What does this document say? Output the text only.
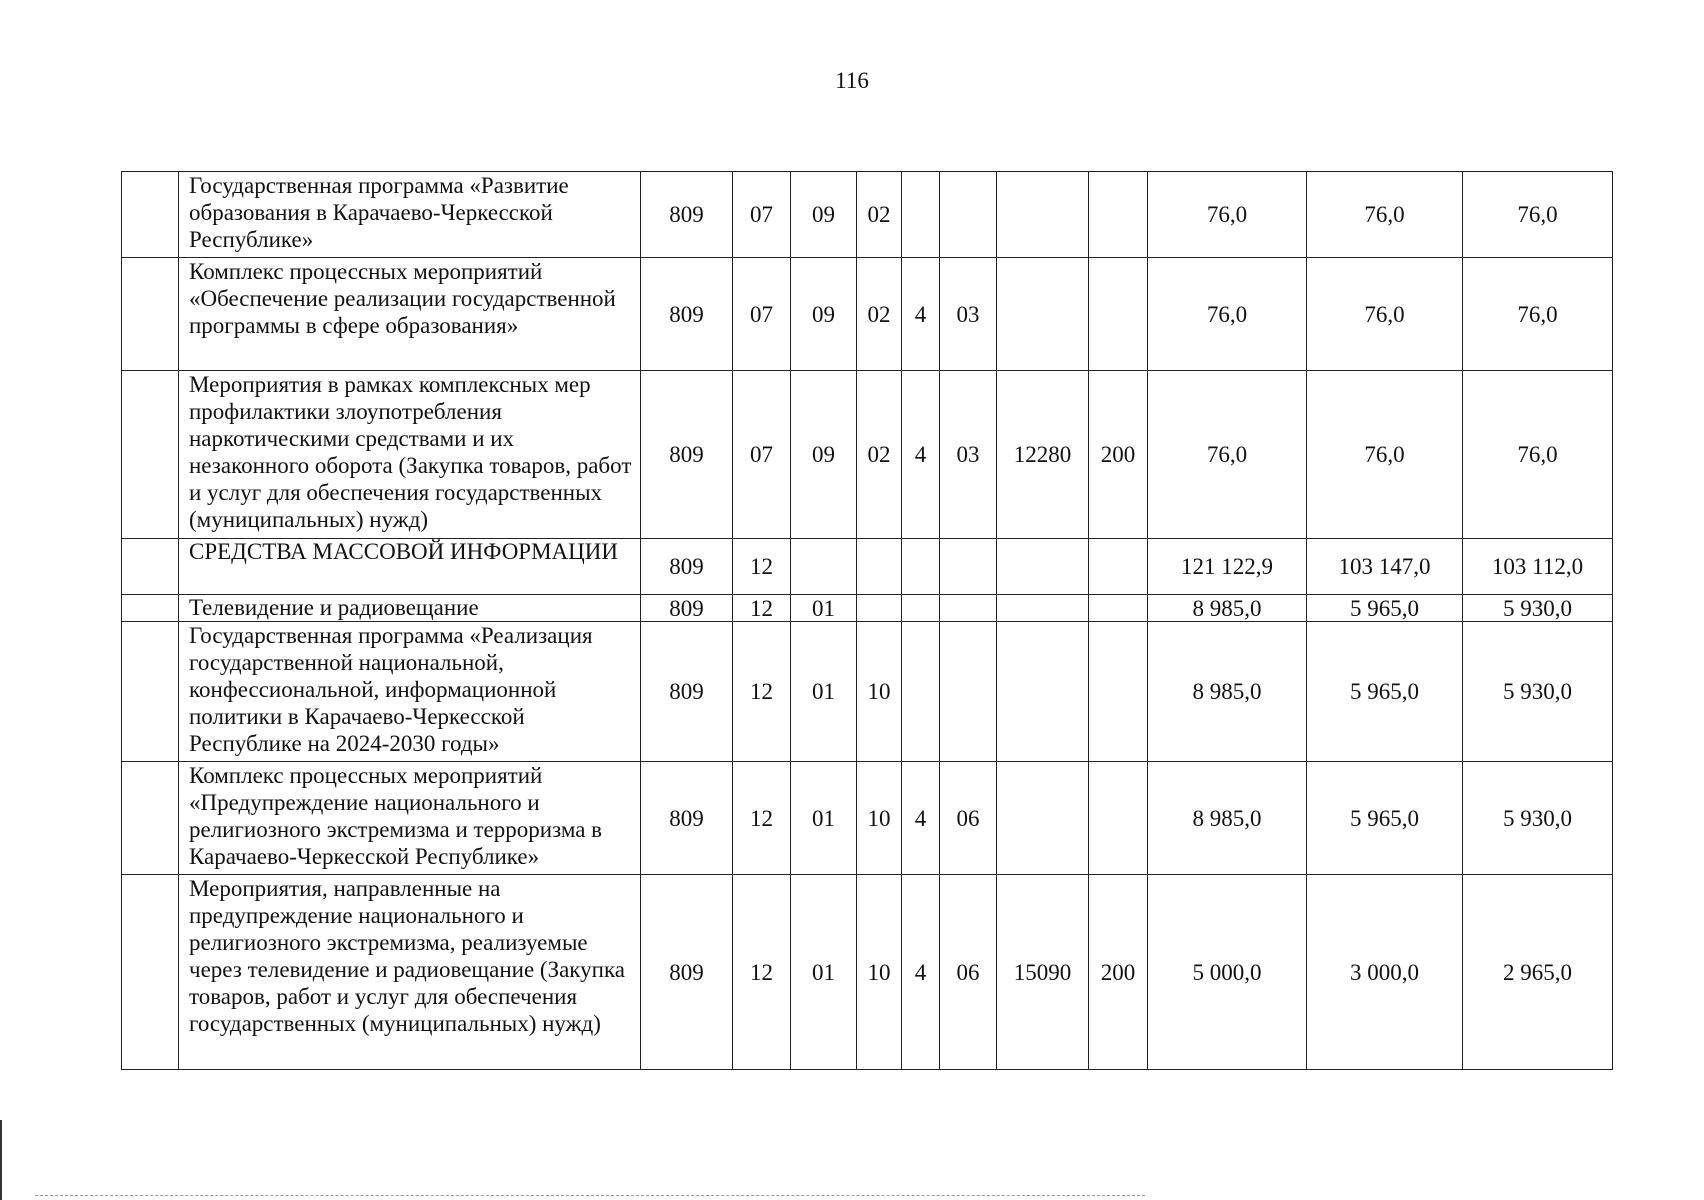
116
	Государственная программа «Развитие образования в Карачаево-Черкесской Республике»	809	07	09	02					76,0	76,0	76,0
	Комплекс процессных мероприятий «Обеспечение реализации государственной программы в сфере образования»	809	07	09	02	4	03			76,0	76,0	76,0
	Мероприятия в рамках комплексных мер профилактики злоупотребления наркотическими средствами и их незаконного оборота (Закупка товаров, работ и услуг для обеспечения государственных (муниципальных) нужд)	809	07	09	02	4	03	12280	200	76,0	76,0	76,0
	СРЕДСТВА МАССОВОЙ ИНФОРМАЦИИ	809	12							121 122,9	103 147,0	103 112,0
	Телевидение и радиовещание	809	12	01						8 985,0	5 965,0	5 930,0
	Государственная программа «Реализация государственной национальной, конфессиональной, информационной политики в Карачаево-Черкесской Республике на 2024-2030 годы»	809	12	01	10					8 985,0	5 965,0	5 930,0
	Комплекс процессных мероприятий «Предупреждение национального и религиозного экстремизма и терроризма в Карачаево-Черкесской Республике»	809	12	01	10	4	06			8 985,0	5 965,0	5 930,0
	Мероприятия, направленные на предупреждение национального и религиозного экстремизма, реализуемые через телевидение и радиовещание (Закупка товаров, работ и услуг для обеспечения государственных (муниципальных) нужд)	809	12	01	10	4	06	15090	200	5 000,0	3 000,0	2 965,0
